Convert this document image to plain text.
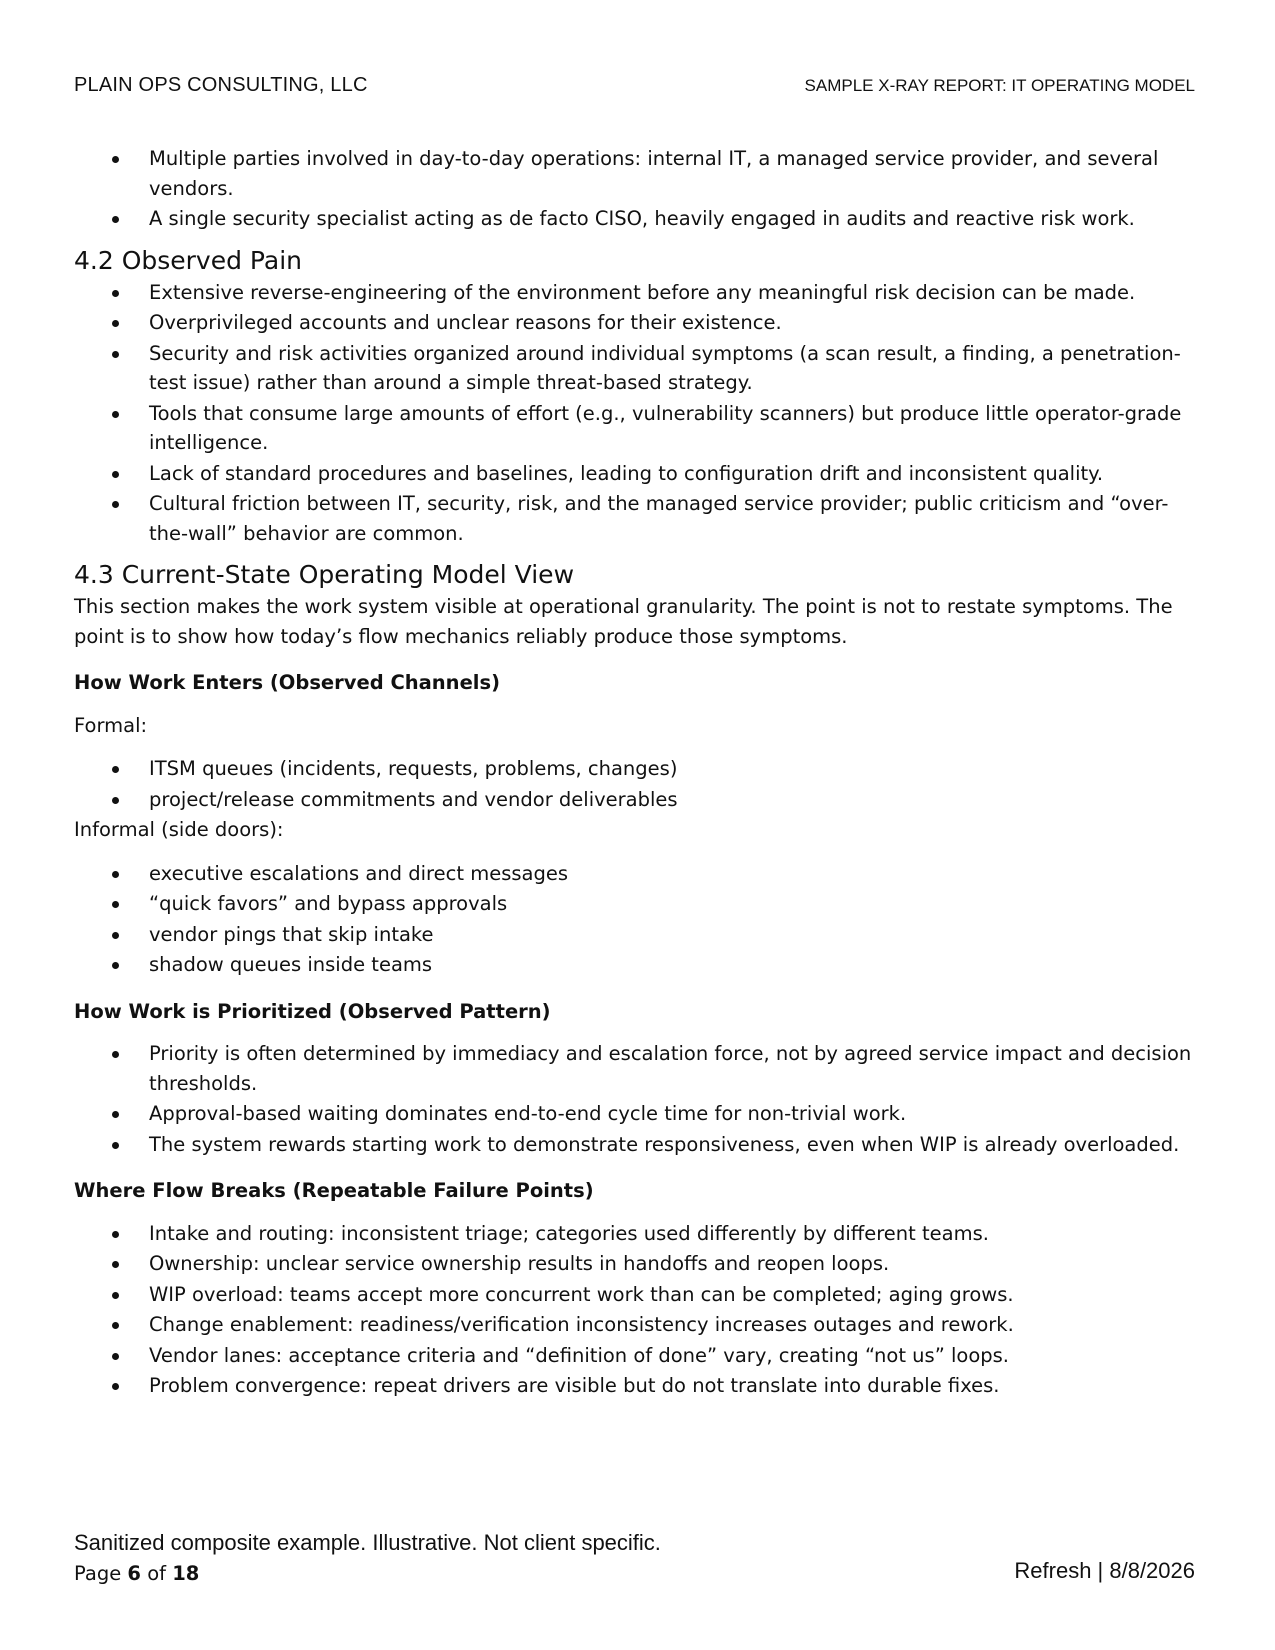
PLAIN OPS CONSULTING, LLC	SAMPLE X-RAY REPORT: IT OPERATING MODEL
Multiple parties involved in day-to-day operations: internal IT, a managed service provider, and several vendors.
A single security specialist acting as de facto CISO, heavily engaged in audits and reactive risk work.
4.2 Observed Pain
Extensive reverse-engineering of the environment before any meaningful risk decision can be made.
Overprivileged accounts and unclear reasons for their existence.
Security and risk activities organized around individual symptoms (a scan result, a finding, a penetration-test issue) rather than around a simple threat-based strategy.
Tools that consume large amounts of effort (e.g., vulnerability scanners) but produce little operator-grade intelligence.
Lack of standard procedures and baselines, leading to configuration drift and inconsistent quality.
Cultural friction between IT, security, risk, and the managed service provider; public criticism and “over-the-wall” behavior are common.
4.3 Current-State Operating Model View

This section makes the work system visible at operational granularity. The point is not to restate symptoms. The point is to show how today’s flow mechanics reliably produce those symptoms.

How Work Enters (Observed Channels)
Formal:
ITSM queues (incidents, requests, problems, changes)
project/release commitments and vendor deliverables
Informal (side doors):
executive escalations and direct messages
“quick favors” and bypass approvals
vendor pings that skip intake
shadow queues inside teams
How Work is Prioritized (Observed Pattern)
Priority is often determined by immediacy and escalation force, not by agreed service impact and decision thresholds.
Approval-based waiting dominates end-to-end cycle time for non-trivial work.
The system rewards starting work to demonstrate responsiveness, even when WIP is already overloaded.
Where Flow Breaks (Repeatable Failure Points)
Intake and routing: inconsistent triage; categories used differently by different teams.
Ownership: unclear service ownership results in handoffs and reopen loops.
WIP overload: teams accept more concurrent work than can be completed; aging grows.
Change enablement: readiness/verification inconsistency increases outages and rework.
Vendor lanes: acceptance criteria and “definition of done” vary, creating “not us” loops.
Problem convergence: repeat drivers are visible but do not translate into durable fixes.
Sanitized composite example. Illustrative. Not client specific.
Page 6 of 18	Refresh | 8/8/2026
